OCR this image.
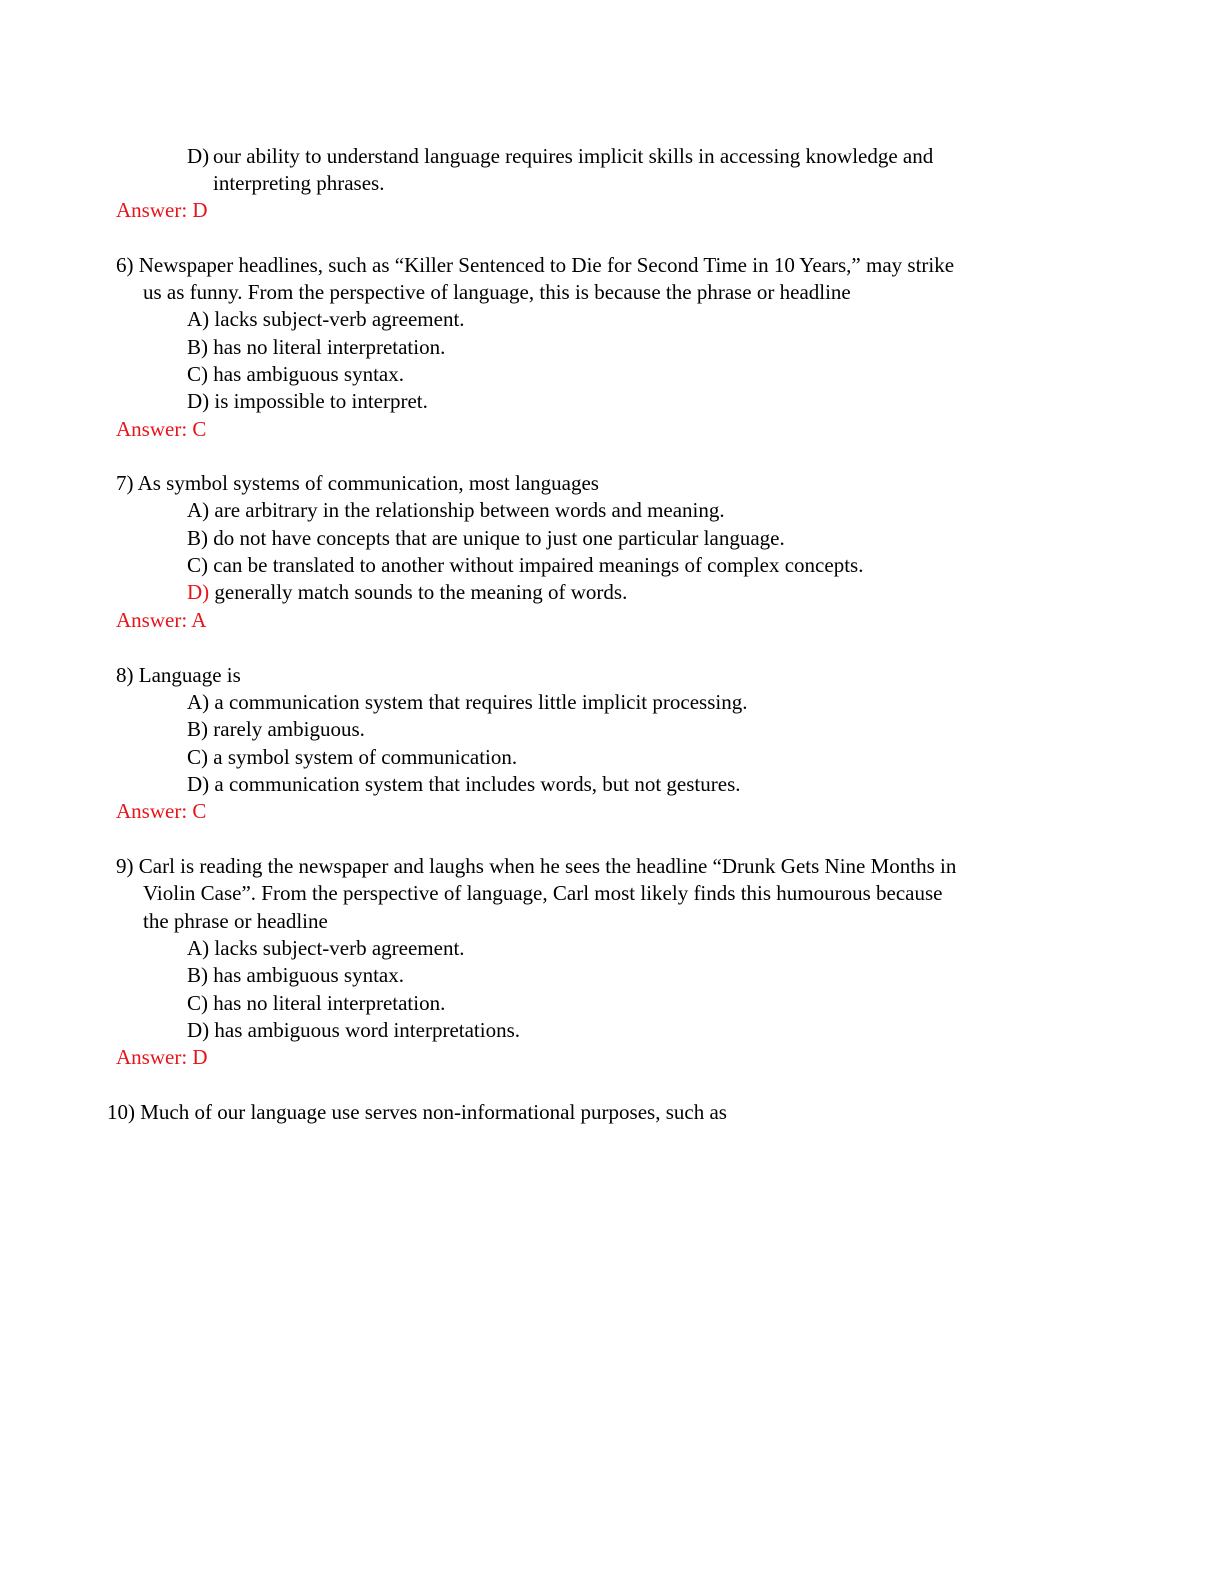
D) our ability to understand language requires implicit skills in accessing knowledge and
interpreting phrases.
Answer: D
6) Newspaper headlines, such as “Killer Sentenced to Die for Second Time in 10 Years,” may strike
us as funny. From the perspective of language, this is because the phrase or headline
A) lacks subject-verb agreement.
B) has no literal interpretation.
C) has ambiguous syntax.
D) is impossible to interpret.
Answer: C
7) As symbol systems of communication, most languages
A) are arbitrary in the relationship between words and meaning.
B) do not have concepts that are unique to just one particular language.
C) can be translated to another without impaired meanings of complex concepts.
D) generally match sounds to the meaning of words.
Answer: A
8) Language is
A) a communication system that requires little implicit processing.
B) rarely ambiguous.
C) a symbol system of communication.
D) a communication system that includes words, but not gestures.
Answer: C
9) Carl is reading the newspaper and laughs when he sees the headline “Drunk Gets Nine Months in
Violin Case”. From the perspective of language, Carl most likely finds this humourous because
the phrase or headline
A) lacks subject-verb agreement.
B) has ambiguous syntax.
C) has no literal interpretation.
D) has ambiguous word interpretations.
Answer: D
10) Much of our language use serves non-informational purposes, such as
